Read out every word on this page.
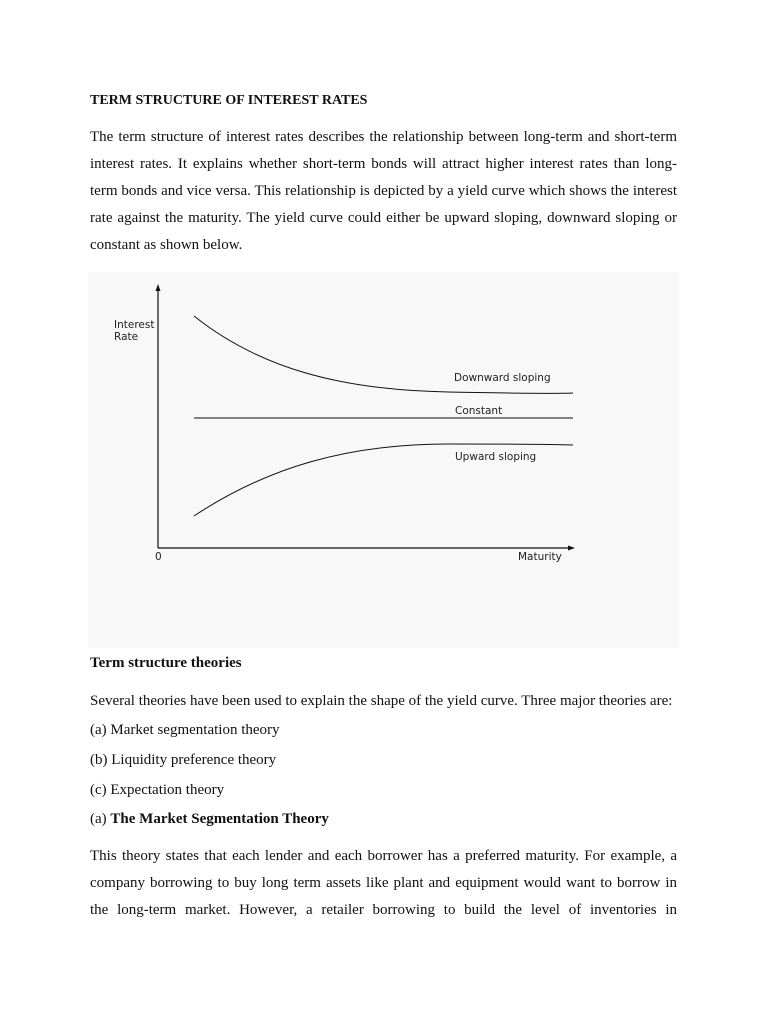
TERM STRUCTURE OF INTEREST RATES

The term structure of interest rates describes the relationship between long-term and short-term interest rates. It explains whether short-term bonds will attract higher interest rates than long-term bonds and vice versa. This relationship is depicted by a yield curve which shows the interest rate against the maturity. The yield curve could either be upward sloping, downward sloping or constant as shown below.

Interest Rate
0	Maturity
Downward sloping
Constant
Upward sloping

Term structure theories

Several theories have been used to explain the shape of the yield curve. Three major theories are:

(a) Market segmentation theory

(b) Liquidity preference theory

(c) Expectation theory

(a) The Market Segmentation Theory

This theory states that each lender and each borrower has a preferred maturity. For example, a company borrowing to buy long term assets like plant and equipment would want to borrow in the long-term market. However, a retailer borrowing to build the level of inventories in
